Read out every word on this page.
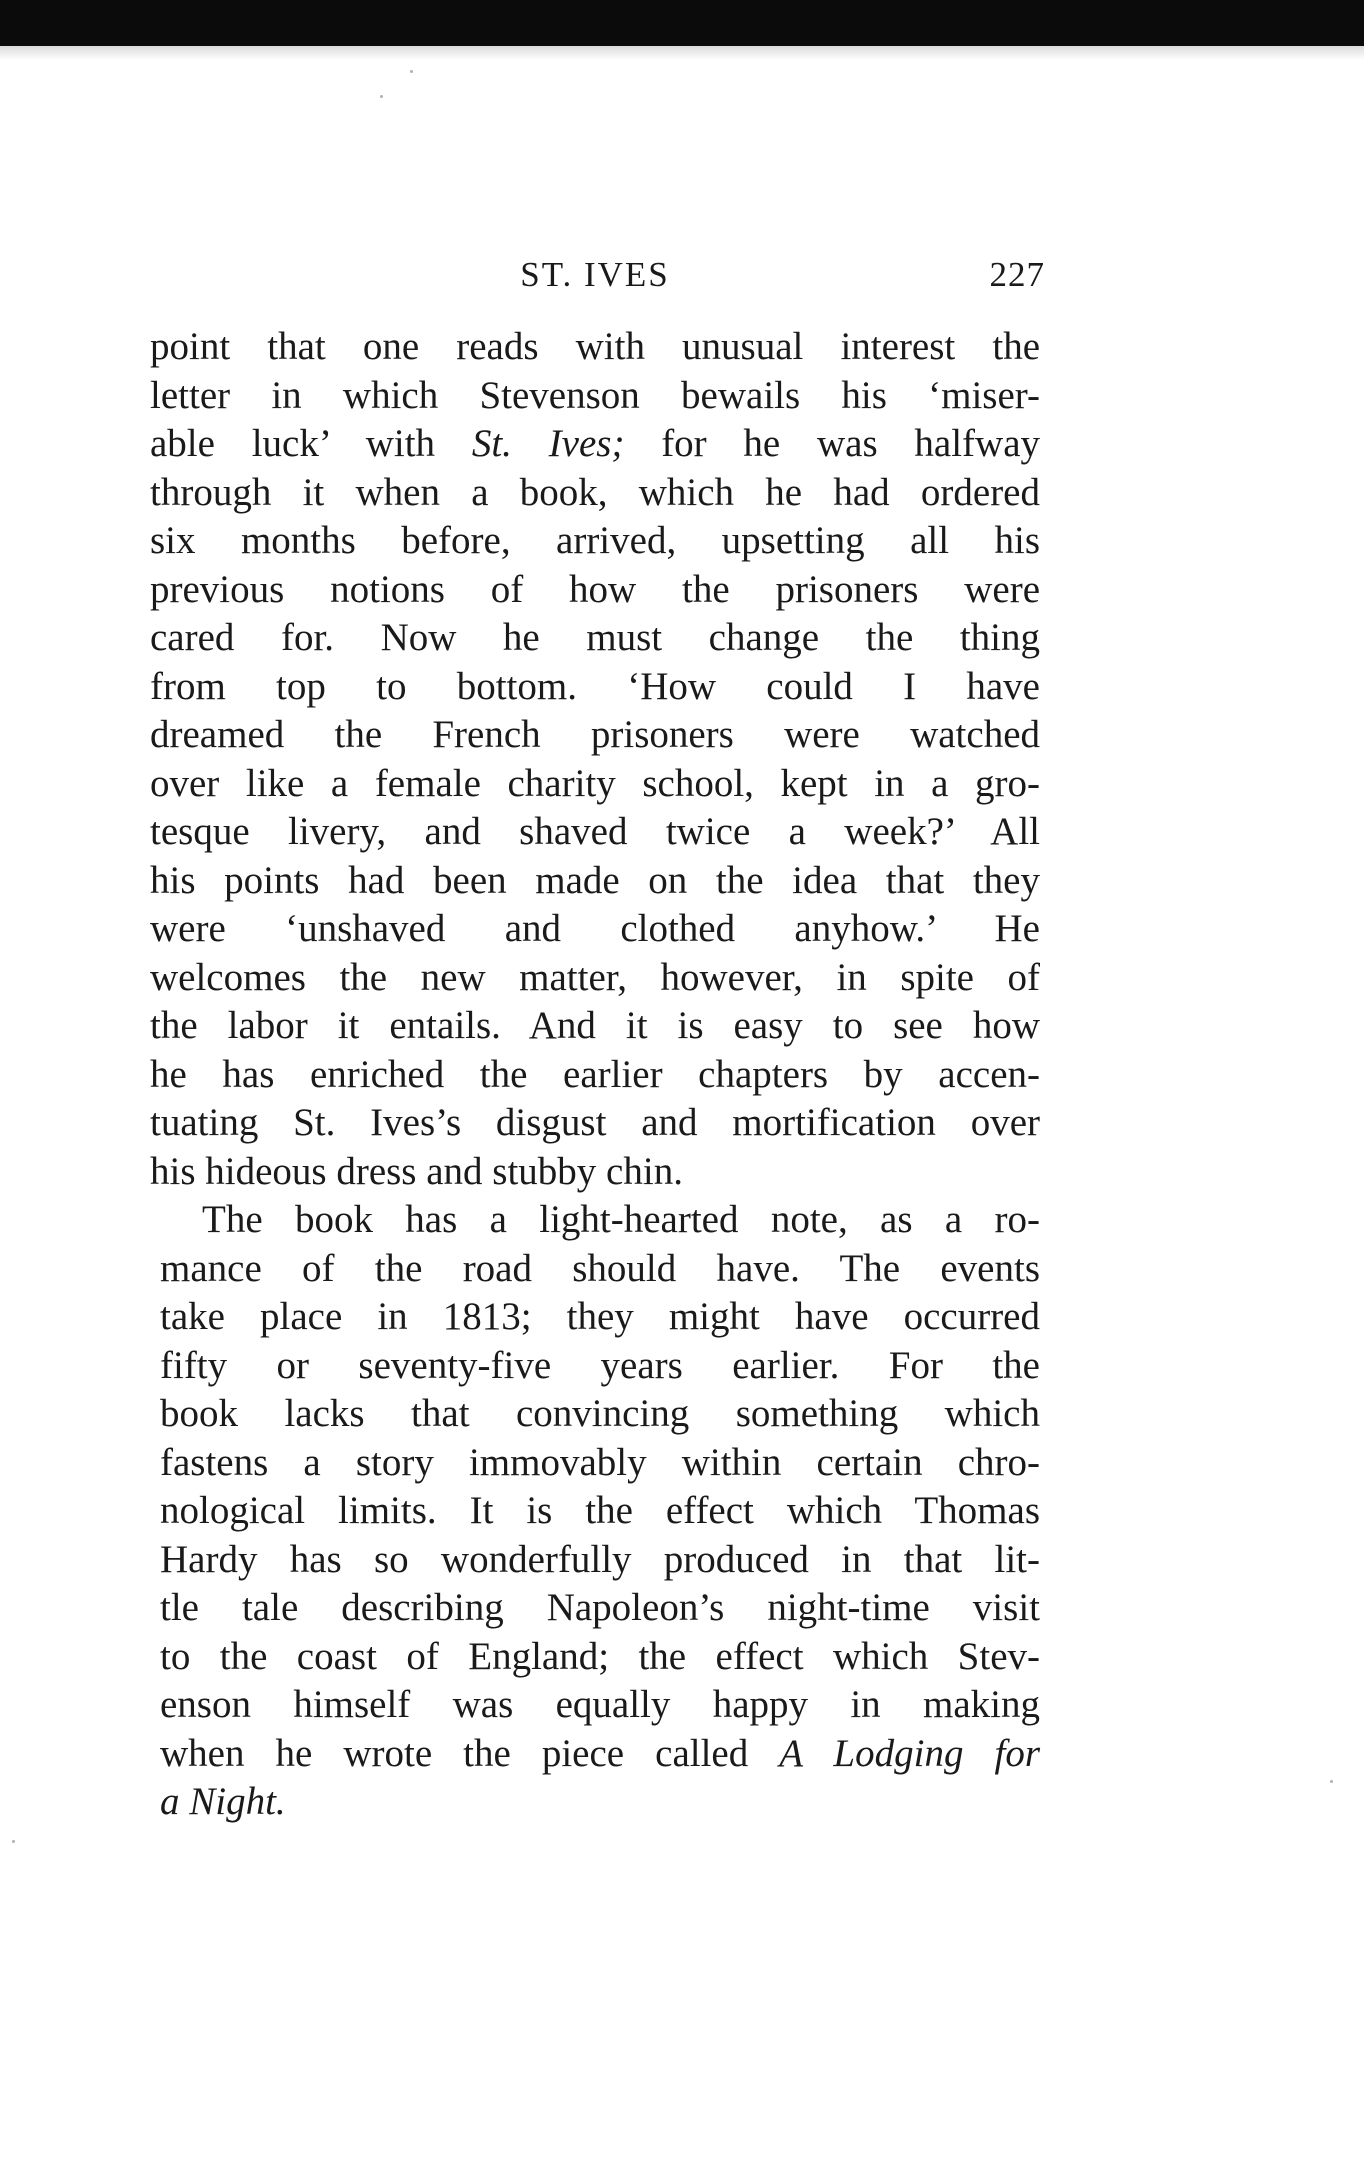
ST. IVES	227

point that one reads with unusual interest the
letter in which Stevenson bewails his ‘miser-
able luck’ with St. Ives; for he was halfway
through it when a book, which he had ordered
six months before, arrived, upsetting all his
previous notions of how the prisoners were
cared for. Now he must change the thing
from top to bottom. ‘How could I have
dreamed the French prisoners were watched
over like a female charity school, kept in a gro-
tesque livery, and shaved twice a week?’ All
his points had been made on the idea that they
were ‘unshaved and clothed anyhow.’ He
welcomes the new matter, however, in spite of
the labor it entails. And it is easy to see how
he has enriched the earlier chapters by accen-
tuating St. Ives’s disgust and mortification over
his hideous dress and stubby chin.

The book has a light-hearted note, as a ro-
mance of the road should have. The events
take place in 1813; they might have occurred
fifty or seventy-five years earlier. For the
book lacks that convincing something which
fastens a story immovably within certain chro-
nological limits. It is the effect which Thomas
Hardy has so wonderfully produced in that lit-
tle tale describing Napoleon’s night-time visit
to the coast of England; the effect which Stev-
enson himself was equally happy in making
when he wrote the piece called A Lodging for
a Night.
